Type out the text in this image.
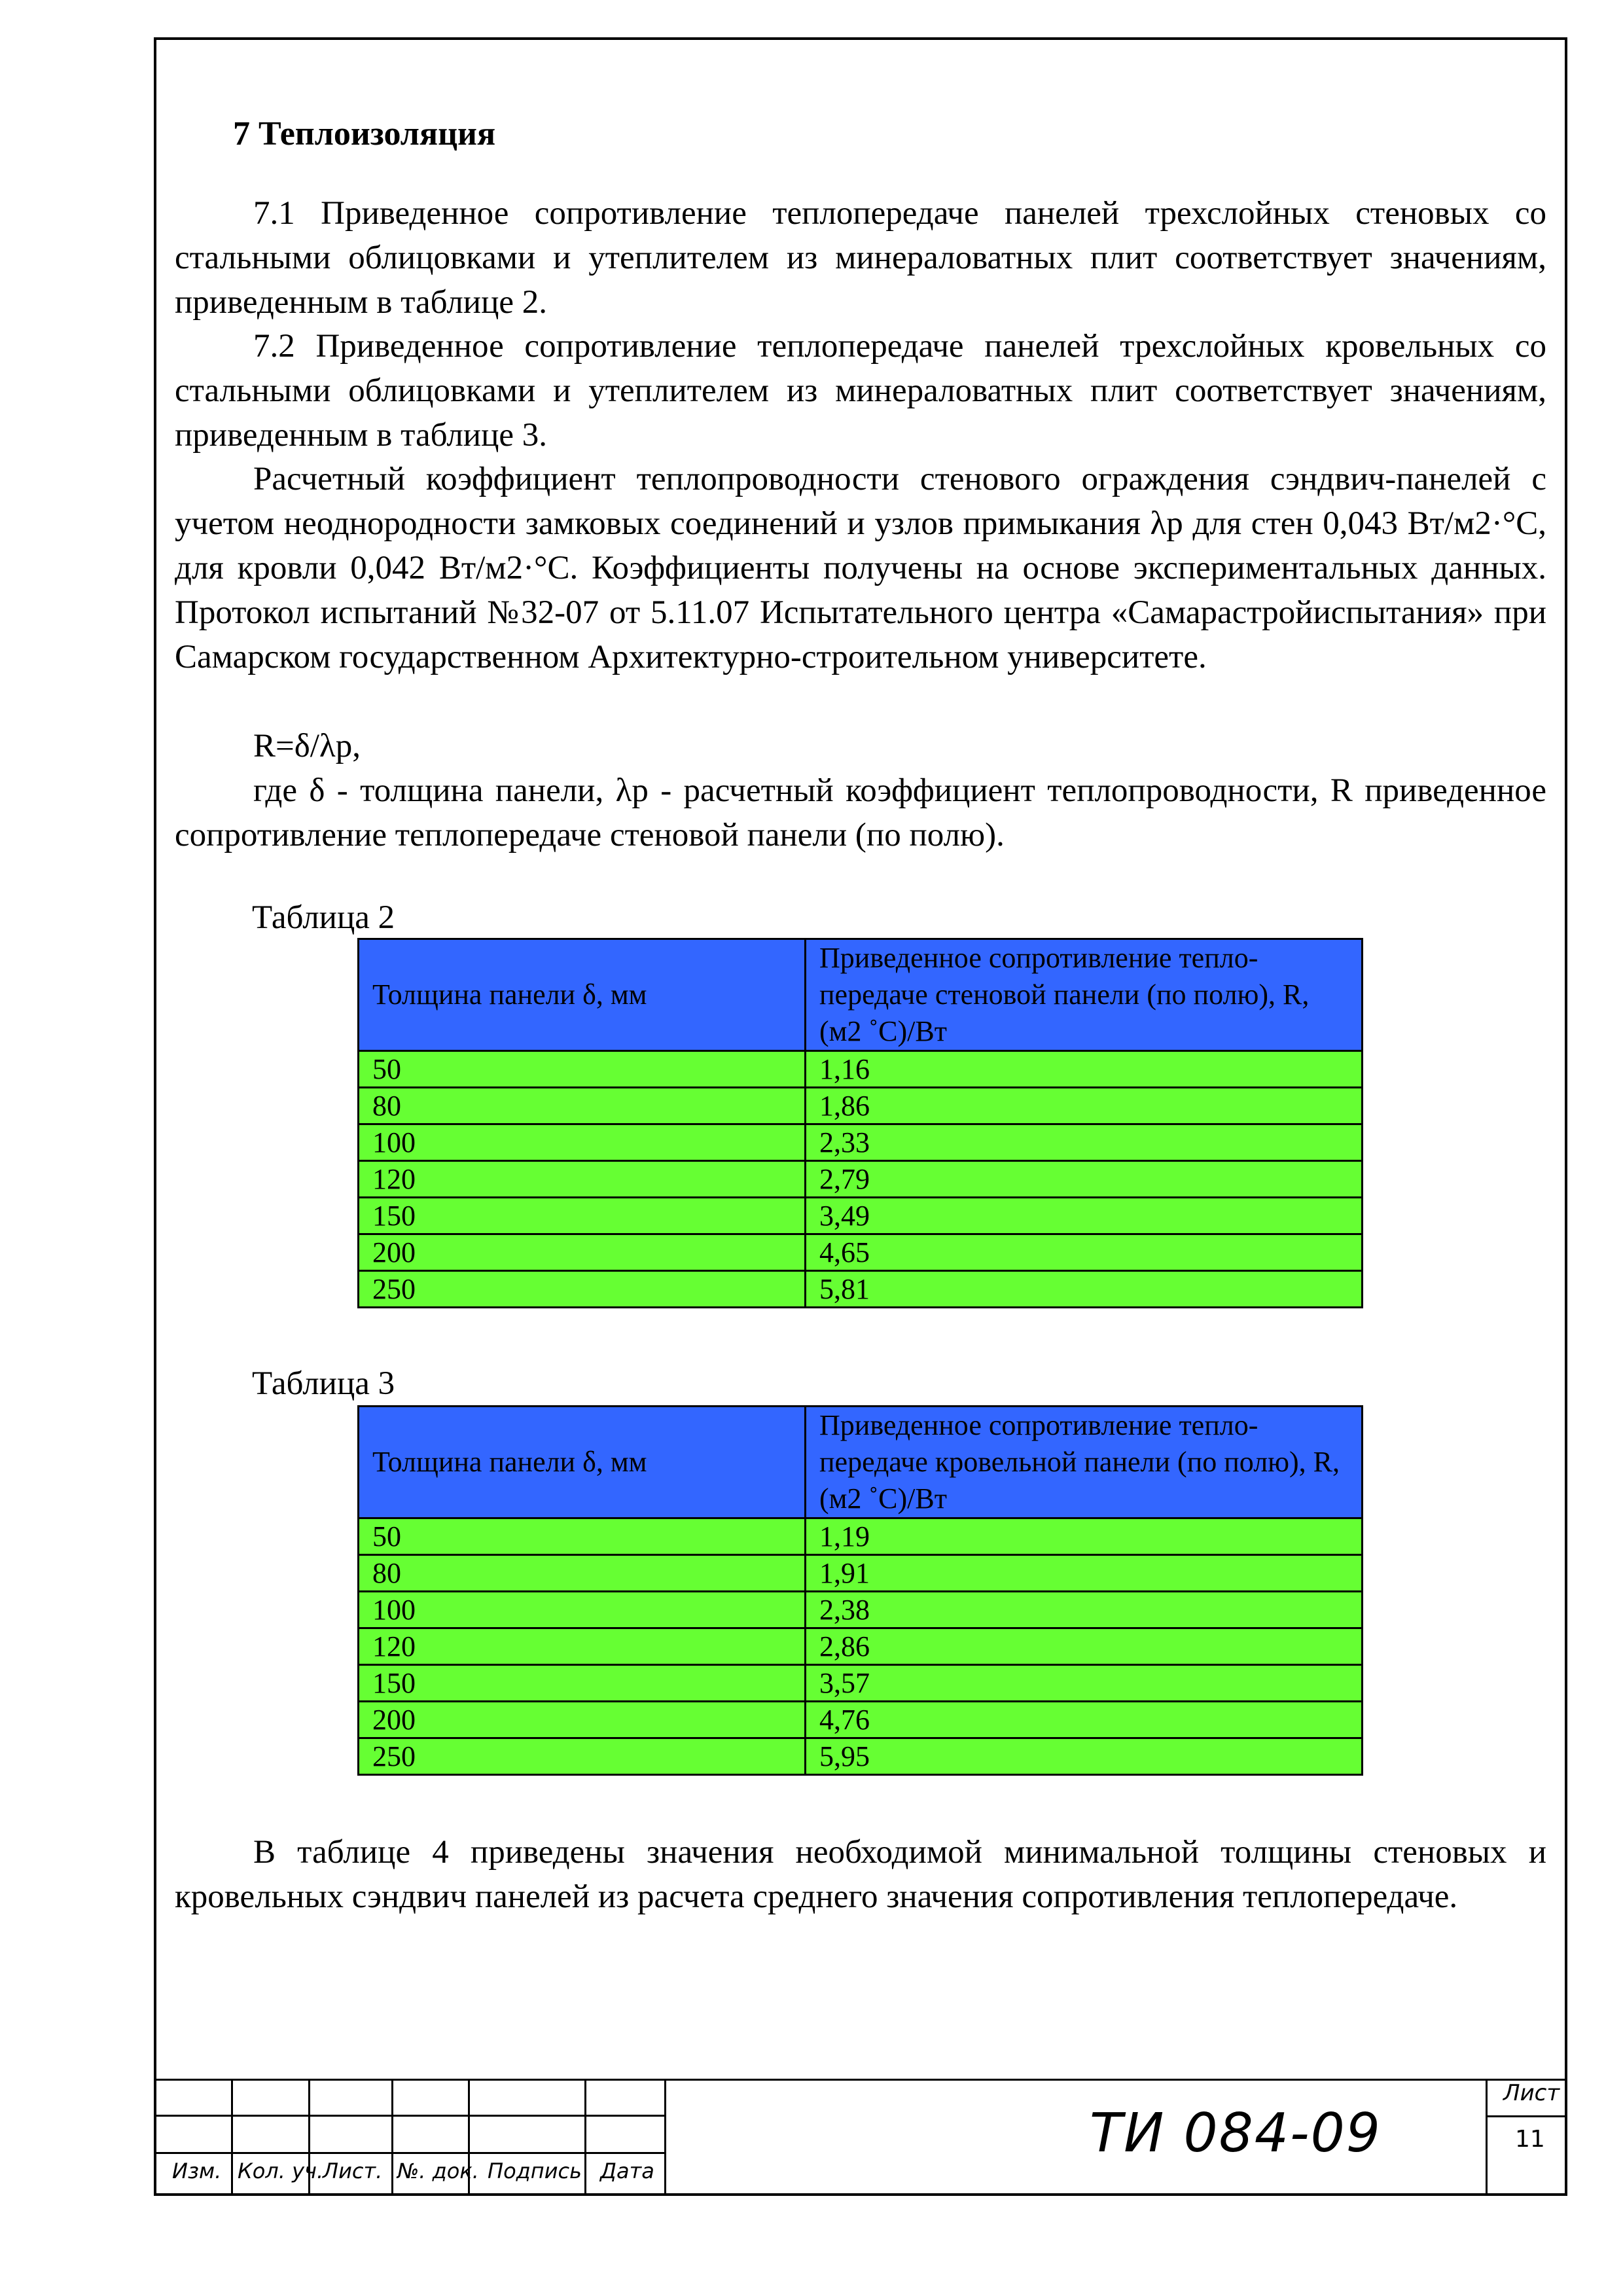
7 Теплоизоляция

7.1 Приведенное сопротивление теплопередаче панелей трехслойных стеновых со стальными облицовками и утеплителем из минераловатных плит соответствует значениям, приведенным в таблице 2.

7.2 Приведенное сопротивление теплопередаче панелей трехслойных кровельных со стальными облицовками и утеплителем из минераловатных плит соответствует значениям, приведенным в таблице 3.

Расчетный коэффициент теплопроводности стенового ограждения сэндвич-панелей с учетом неоднородности замковых соединений и узлов примыкания λр для стен 0,043 Вт/м2·°С, для кровли 0,042 Вт/м2·°С. Коэффициенты получены на основе экспериментальных данных. Протокол испытаний №32-07 от 5.11.07 Испытательного центра «Самарастройиспытания» при Самарском государственном Архитектурно-строительном университете.

R=δ/λр,

где δ - толщина панели, λр - расчетный коэффициент теплопроводности, R приведенное сопротивление теплопередаче стеновой панели (по полю).

Таблица 2
Толщина панели δ, мм	Приведенное сопротивление тепло-передаче стеновой панели (по полю), R, (м2 ˚С)/Вт
50	1,16
80	1,86
100	2,33
120	2,79
150	3,49
200	4,65
250	5,81
Таблица 3
Толщина панели δ, мм	Приведенное сопротивление тепло-передаче кровельной панели (по полю), R, (м2 ˚С)/Вт
50	1,19
80	1,91
100	2,38
120	2,86
150	3,57
200	4,76
250	5,95

В таблице 4 приведены значения необходимой минимальной толщины стеновых и кровельных сэндвич панелей из расчета среднего значения сопротивления теплопередаче.

Изм. Кол. уч.
Лист. №. док. Подпись Дата
ТИ 084-09
Лист
11
